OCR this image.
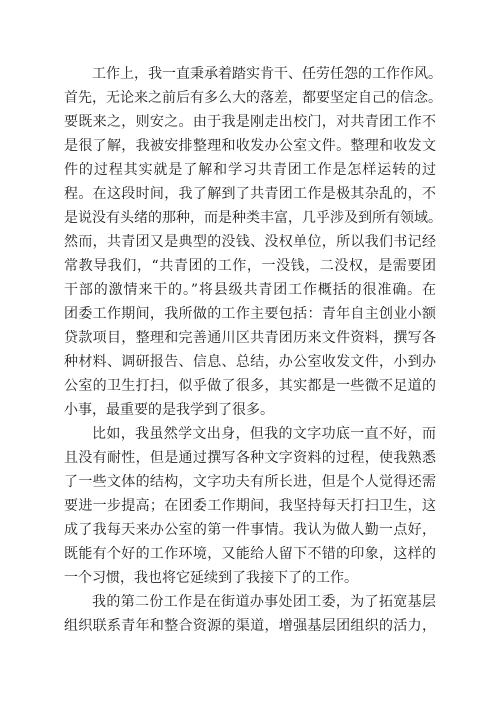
工作上，我一直秉承着踏实肯干、任劳任怨的工作作风。
首先，无论来之前后有多么大的落差，都要坚定自己的信念。
要既来之，则安之。由于我是刚走出校门，对共青团工作不
是很了解，我被安排整理和收发办公室文件。整理和收发文
件的过程其实就是了解和学习共青团工作是怎样运转的过
程。在这段时间，我了解到了共青团工作是极其杂乱的，不
是说没有头绪的那种，而是种类丰富，几乎涉及到所有领域。
然而，共青团又是典型的没钱、没权单位，所以我们书记经
常教导我们，“共青团的工作，一没钱，二没权，是需要团
干部的激情来干的。”将县级共青团工作概括的很准确。在
团委工作期间，我所做的工作主要包括：青年自主创业小额
贷款项目，整理和完善通川区共青团历来文件资料，撰写各
种材料、调研报告、信息、总结，办公室收发文件，小到办
公室的卫生打扫，似乎做了很多，其实都是一些微不足道的
小事，最重要的是我学到了很多。
比如，我虽然学文出身，但我的文字功底一直不好，而
且没有耐性，但是通过撰写各种文字资料的过程，使我熟悉
了一些文体的结构，文字功夫有所长进，但是个人觉得还需
要进一步提高；在团委工作期间，我坚持每天打扫卫生，这
成了我每天来办公室的第一件事情。我认为做人勤一点好，
既能有个好的工作环境，又能给人留下不错的印象，这样的
一个习惯，我也将它延续到了我接下了的工作。
我的第二份工作是在街道办事处团工委，为了拓宽基层
组织联系青年和整合资源的渠道，增强基层团组织的活力，
